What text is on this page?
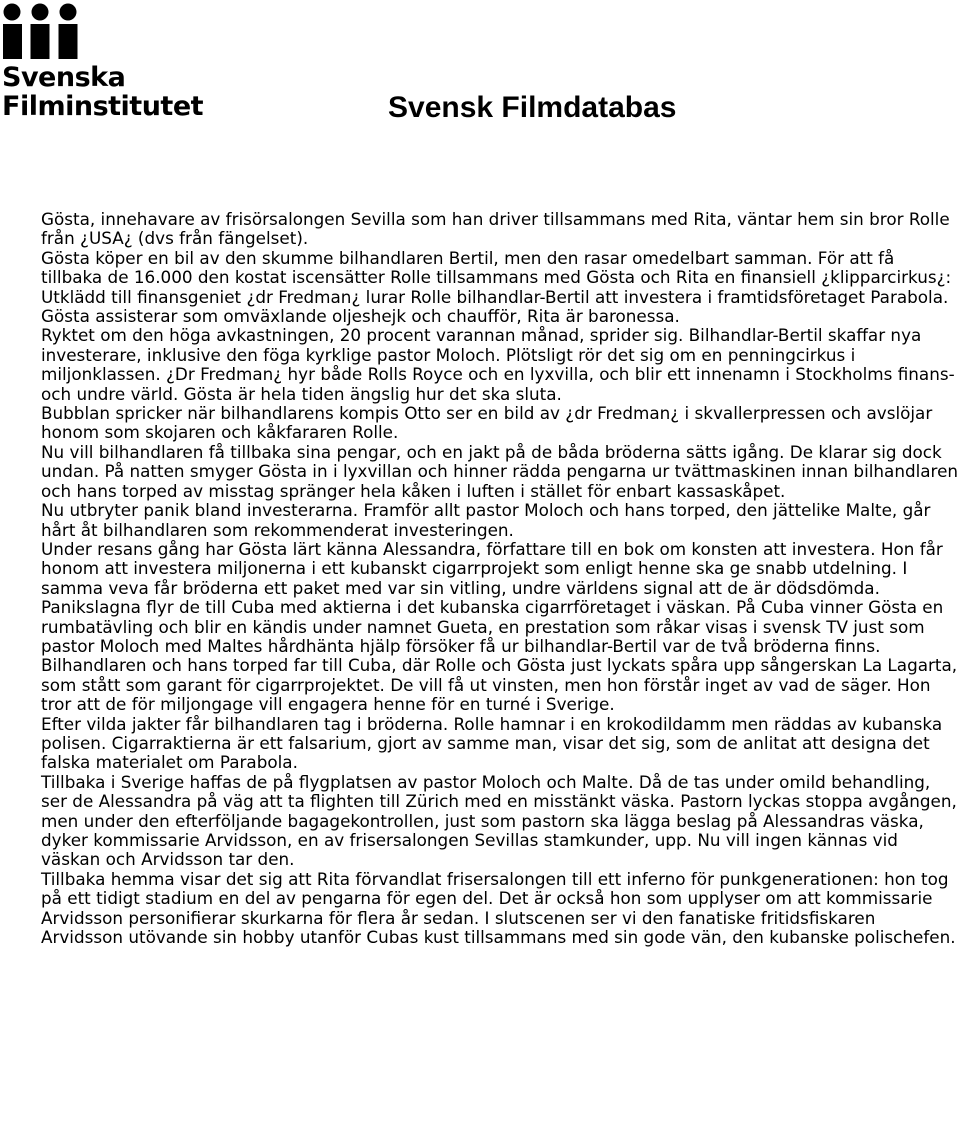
Svenska
Filminstitutet	Svensk Filmdatabas

Gösta, innehavare av frisörsalongen Sevilla som han driver tillsammans med Rita, väntar hem sin bror Rolle från ¿USA¿ (dvs från fängelset).

Gösta köper en bil av den skumme bilhandlaren Bertil, men den rasar omedelbart samman. För att få tillbaka de 16.000 den kostat iscensätter Rolle tillsammans med Gösta och Rita en finansiell ¿klipparcirkus¿:

Utklädd till finansgeniet ¿dr Fredman¿ lurar Rolle bilhandlar-Bertil att investera i framtidsföretaget Parabola. Gösta assisterar som omväxlande oljeshejk och chaufför, Rita är baronessa.

Ryktet om den höga avkastningen, 20 procent varannan månad, sprider sig. Bilhandlar-Bertil skaffar nya investerare, inklusive den föga kyrklige pastor Moloch. Plötsligt rör det sig om en penningcirkus i miljonklassen. ¿Dr Fredman¿ hyr både Rolls Royce och en lyxvilla, och blir ett innenamn i Stockholms finans- och undre värld. Gösta är hela tiden ängslig hur det ska sluta.

Bubblan spricker när bilhandlarens kompis Otto ser en bild av ¿dr Fredman¿ i skvallerpressen och avslöjar honom som skojaren och kåkfararen Rolle.

Nu vill bilhandlaren få tillbaka sina pengar, och en jakt på de båda bröderna sätts igång. De klarar sig dock undan. På natten smyger Gösta in i lyxvillan och hinner rädda pengarna ur tvättmaskinen innan bilhandlaren och hans torped av misstag spränger hela kåken i luften i stället för enbart kassaskåpet.

Nu utbryter panik bland investerarna. Framför allt pastor Moloch och hans torped, den jättelike Malte, går hårt åt bilhandlaren som rekommenderat investeringen.

Under resans gång har Gösta lärt känna Alessandra, författare till en bok om konsten att investera. Hon får honom att investera miljonerna i ett kubanskt cigarrprojekt som enligt henne ska ge snabb utdelning. I samma veva får bröderna ett paket med var sin vitling, undre världens signal att de är dödsdömda.

Panikslagna flyr de till Cuba med aktierna i det kubanska cigarrföretaget i väskan. På Cuba vinner Gösta en rumbatävling och blir en kändis under namnet Gueta, en prestation som råkar visas i svensk TV just som pastor Moloch med Maltes hårdhänta hjälp försöker få ur bilhandlar-Bertil var de två bröderna finns.

Bilhandlaren och hans torped far till Cuba, där Rolle och Gösta just lyckats spåra upp sångerskan La Lagarta, som stått som garant för cigarrprojektet. De vill få ut vinsten, men hon förstår inget av vad de säger. Hon tror att de för miljongage vill engagera henne för en turné i Sverige.

Efter vilda jakter får bilhandlaren tag i bröderna. Rolle hamnar i en krokodildamm men räddas av kubanska polisen. Cigarraktierna är ett falsarium, gjort av samme man, visar det sig, som de anlitat att designa det falska materialet om Parabola.

Tillbaka i Sverige haffas de på flygplatsen av pastor Moloch och Malte. Då de tas under omild behandling, ser de Alessandra på väg att ta flighten till Zürich med en misstänkt väska. Pastorn lyckas stoppa avgången, men under den efterföljande bagagekontrollen, just som pastorn ska lägga beslag på Alessandras väska, dyker kommissarie Arvidsson, en av frisersalongen Sevillas stamkunder, upp. Nu vill ingen kännas vid väskan och Arvidsson tar den.

Tillbaka hemma visar det sig att Rita förvandlat frisersalongen till ett inferno för punkgenerationen: hon tog på ett tidigt stadium en del av pengarna för egen del. Det är också hon som upplyser om att kommissarie Arvidsson personifierar skurkarna för flera år sedan. I slutscenen ser vi den fanatiske fritidsfiskaren Arvidsson utövande sin hobby utanför Cubas kust tillsammans med sin gode vän, den kubanske polischefen.
